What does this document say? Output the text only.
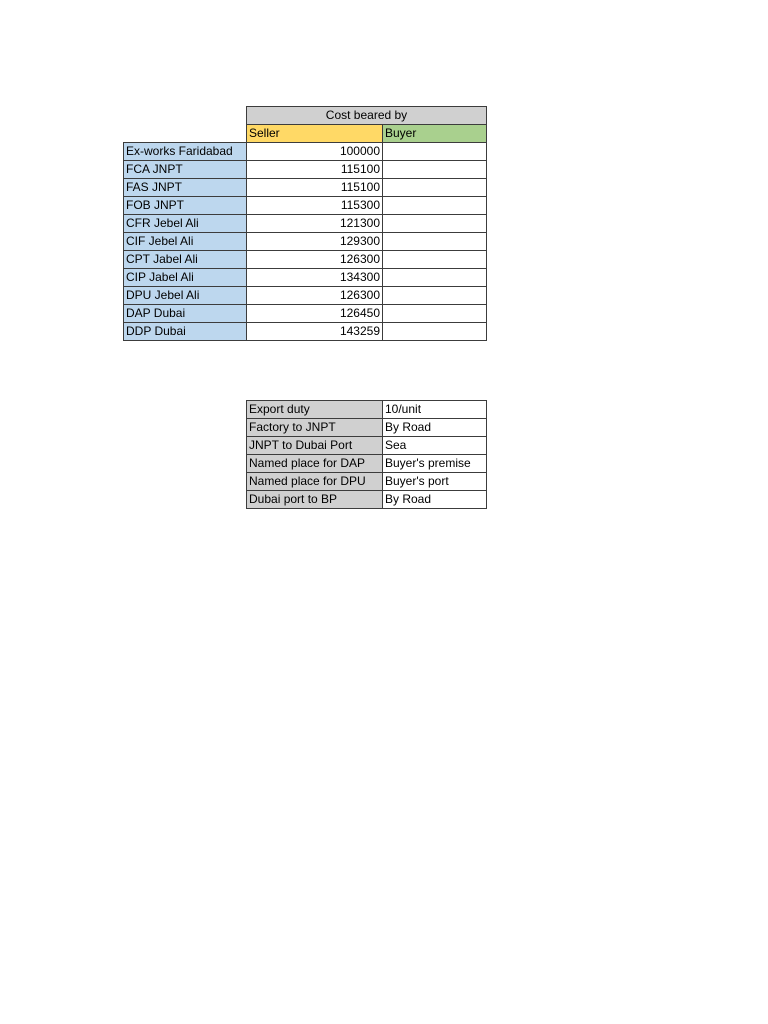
	Cost beared by	
	Seller	Buyer
Ex-works Faridabad	100000	
FCA JNPT	115100	
FAS JNPT	115100	
FOB JNPT	115300	
CFR Jebel Ali	121300	
CIF Jebel Ali	129300	
CPT Jabel Ali	126300	
CIP Jabel Ali	134300	
DPU Jebel Ali	126300	
DAP Dubai	126450	
DDP Dubai	143259	
Export duty	10/unit
Factory to JNPT	By Road
JNPT to Dubai Port	Sea
Named place for DAP	Buyer's premise
Named place for DPU	Buyer's port
Dubai port to BP	By Road
